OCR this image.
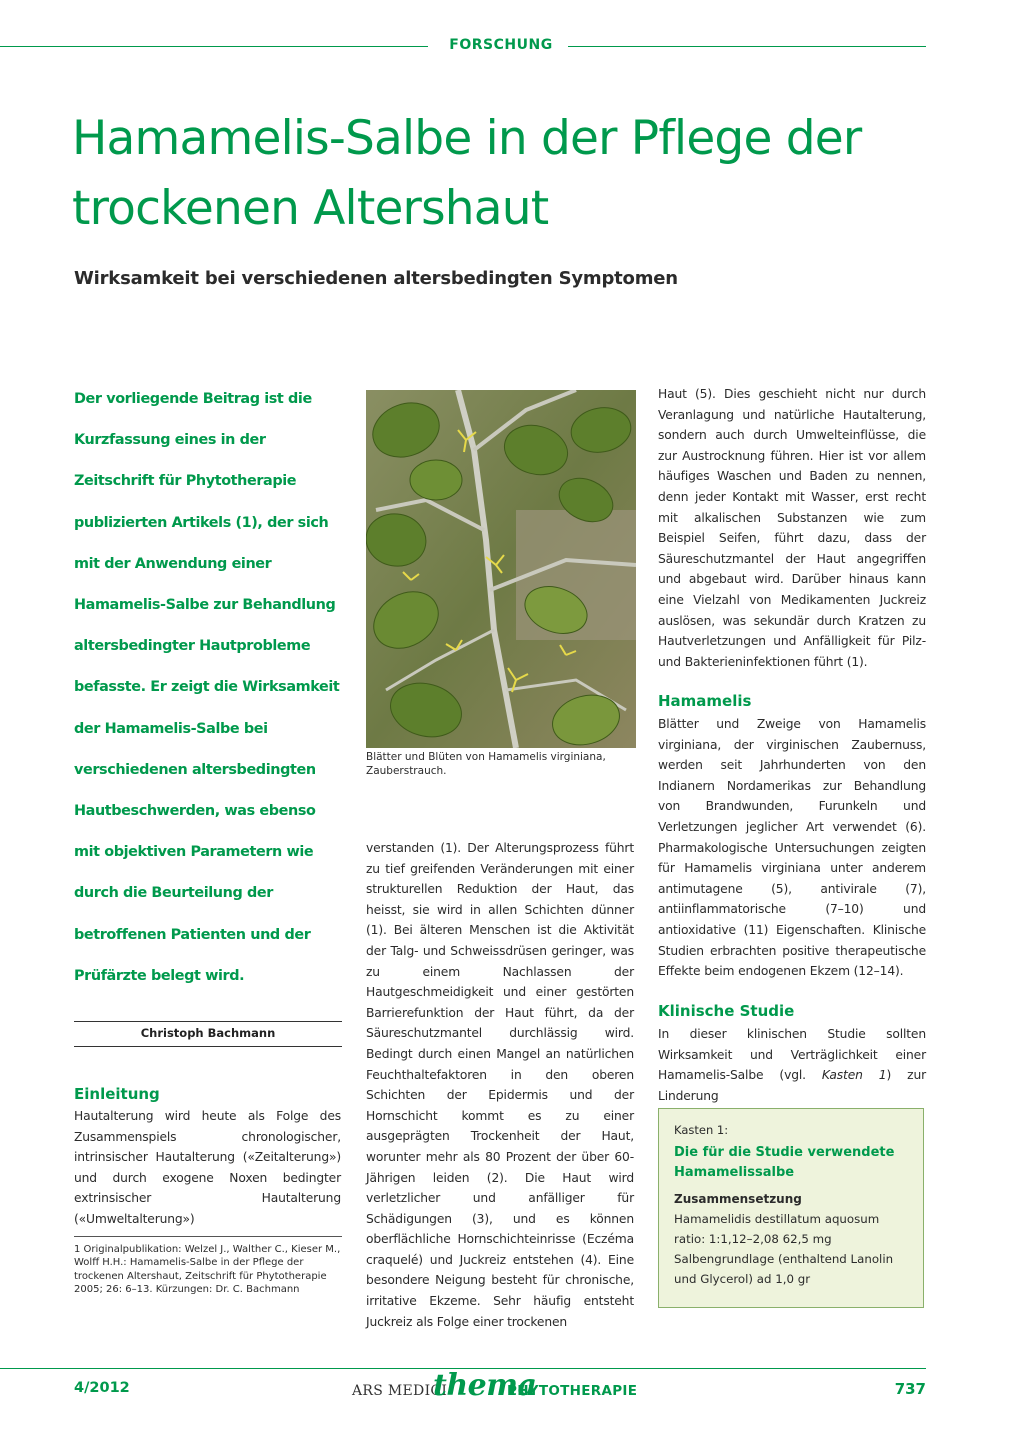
FORSCHUNG
Hamamelis-Salbe in der Pflege der trockenen Altershaut
Wirksamkeit bei verschiedenen altersbedingten Symptomen

Der vorliegende Beitrag ist die Kurzfassung eines in der Zeitschrift für Phytotherapie publizierten Artikels (1), der sich mit der Anwendung einer Hamamelis-Salbe zur Behandlung altersbedingter Hautprobleme befasste. Er zeigt die Wirksamkeit der Hamamelis-Salbe bei verschiedenen altersbedingten Hautbeschwerden, was ebenso mit objektiven Parametern wie durch die Beurteilung der betroffenen Patienten und der Prüfärzte belegt wird.

Christoph Bachmann
Einleitung

Hautalterung wird heute als Folge des Zusammenspiels chronologischer, intrinsischer Hautalterung («Zeitalterung») und durch exogene Noxen bedingter extrinsischer Hautalterung («Umweltalterung»)

1 Originalpublikation: Welzel J., Walther C., Kieser M., Wolff H.H.: Hamamelis-Salbe in der Pflege der trockenen Altershaut, Zeitschrift für Phytotherapie 2005; 26: 6–13. Kürzungen: Dr. C. Bachmann

Blätter und Blüten von Hamamelis virginiana, Zauberstrauch.

verstanden (1). Der Alterungsprozess führt zu tief greifenden Veränderungen mit einer strukturellen Reduktion der Haut, das heisst, sie wird in allen Schichten dünner (1). Bei älteren Menschen ist die Aktivität der Talg- und Schweissdrüsen geringer, was zu einem Nachlassen der Hautgeschmeidigkeit und einer gestörten Barrierefunktion der Haut führt, da der Säureschutzmantel durchlässig wird. Bedingt durch einen Mangel an natürlichen Feuchthaltefaktoren in den oberen Schichten der Epidermis und der Hornschicht kommt es zu einer ausgeprägten Trockenheit der Haut, worunter mehr als 80 Prozent der über 60-Jährigen leiden (2). Die Haut wird verletzlicher und anfälliger für Schädigungen (3), und es können oberflächliche Hornschichteinrisse (Eczéma craquelé) und Juckreiz entstehen (4). Eine besondere Neigung besteht für chronische, irritative Ekzeme. Sehr häufig entsteht Juckreiz als Folge einer trockenen

Haut (5). Dies geschieht nicht nur durch Veranlagung und natürliche Hautalterung, sondern auch durch Umwelteinflüsse, die zur Austrocknung führen. Hier ist vor allem häufiges Waschen und Baden zu nennen, denn jeder Kontakt mit Wasser, erst recht mit alkalischen Substanzen wie zum Beispiel Seifen, führt dazu, dass der Säureschutzmantel der Haut angegriffen und abgebaut wird. Darüber hinaus kann eine Vielzahl von Medikamenten Juckreiz auslösen, was sekundär durch Kratzen zu Hautverletzungen und Anfälligkeit für Pilz- und Bakterieninfektionen führt (1).

Hamamelis

Blätter und Zweige von Hamamelis virginiana, der virginischen Zaubernuss, werden seit Jahrhunderten von den Indianern Nordamerikas zur Behandlung von Brandwunden, Furunkeln und Verletzungen jeglicher Art verwendet (6). Pharmakologische Untersuchungen zeigten für Hamamelis virginiana unter anderem antimutagene (5), antivirale (7), antiinflammatorische (7–10) und antioxidative (11) Eigenschaften. Klinische Studien erbrachten positive therapeutische Effekte beim endogenen Ekzem (12–14).

Klinische Studie

In dieser klinischen Studie sollten Wirksamkeit und Verträglichkeit einer Hamamelis-Salbe (vgl. Kasten 1) zur Linderung

Kasten 1:
Die für die Studie verwendete Hamamelissalbe
Zusammensetzung
Hamamelidis destillatum aquosum ratio: 1:1,12–2,08 62,5 mg Salbengrundlage (enthaltend Lanolin und Glycerol) ad 1,0 gr
4/2012	ARS MEDICI
thema
PHYTOTHERAPIE	737
